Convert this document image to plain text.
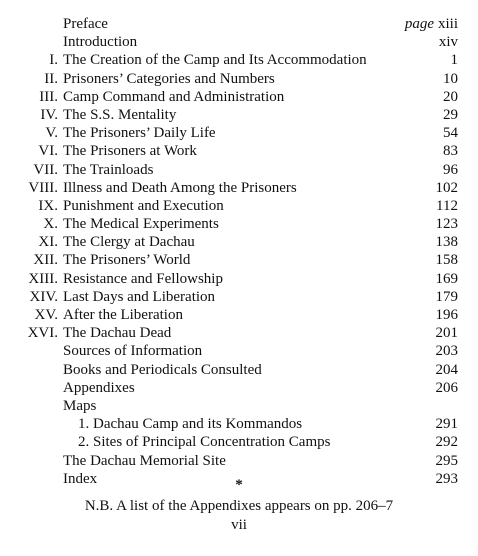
Preface	page xiii
Introduction	xiv
I. The Creation of the Camp and Its Accommodation	1
II. Prisoners’ Categories and Numbers	10
III. Camp Command and Administration	20
IV. The S.S. Mentality	29
V. The Prisoners’ Daily Life	54
VI. The Prisoners at Work	83
VII. The Trainloads	96
VIII. Illness and Death Among the Prisoners	102
IX. Punishment and Execution	112
X. The Medical Experiments	123
XI. The Clergy at Dachau	138
XII. The Prisoners’ World	158
XIII. Resistance and Fellowship	169
XIV. Last Days and Liberation	179
XV. After the Liberation	196
XVI. The Dachau Dead	201
Sources of Information	203
Books and Periodicals Consulted	204
Appendixes	206
Maps
1. Dachau Camp and its Kommandos	291
2. Sites of Principal Concentration Camps	292
The Dachau Memorial Site	295
Index	293
*
N.B. A list of the Appendixes appears on pp. 206–7
vii
